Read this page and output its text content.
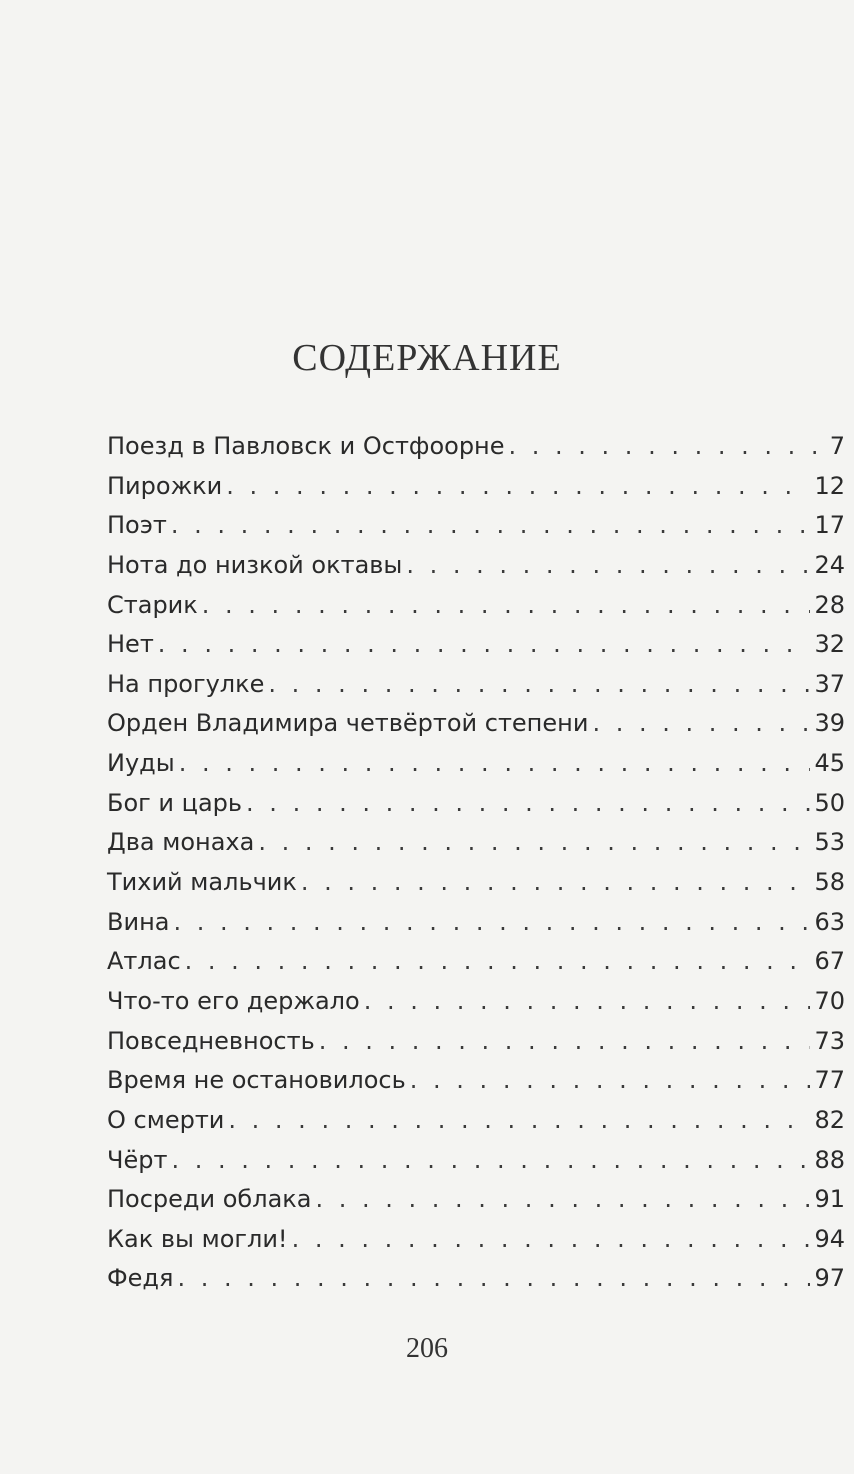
СОДЕРЖАНИЕ
Поезд в Павловск и Остфоорне . . .	7
Пирожки . . .	12
Поэт . . .	17
Нота до низкой октавы . . .	24
Старик . . .	28
Нет . . .	32
На прогулке . . .	37
Орден Владимира четвёртой степени . . .	39
Иуды . . .	45
Бог и царь . . .	50
Два монаха . . .	53
Тихий мальчик . . .	58
Вина . . .	63
Атлас . . .	67
Что-то его держало . . .	70
Повседневность . . .	73
Время не остановилось . . .	77
О смерти . . .	82
Чёрт . . .	88
Посреди облака . . .	91
Как вы могли! . . .	94
Федя . . .	97
206
